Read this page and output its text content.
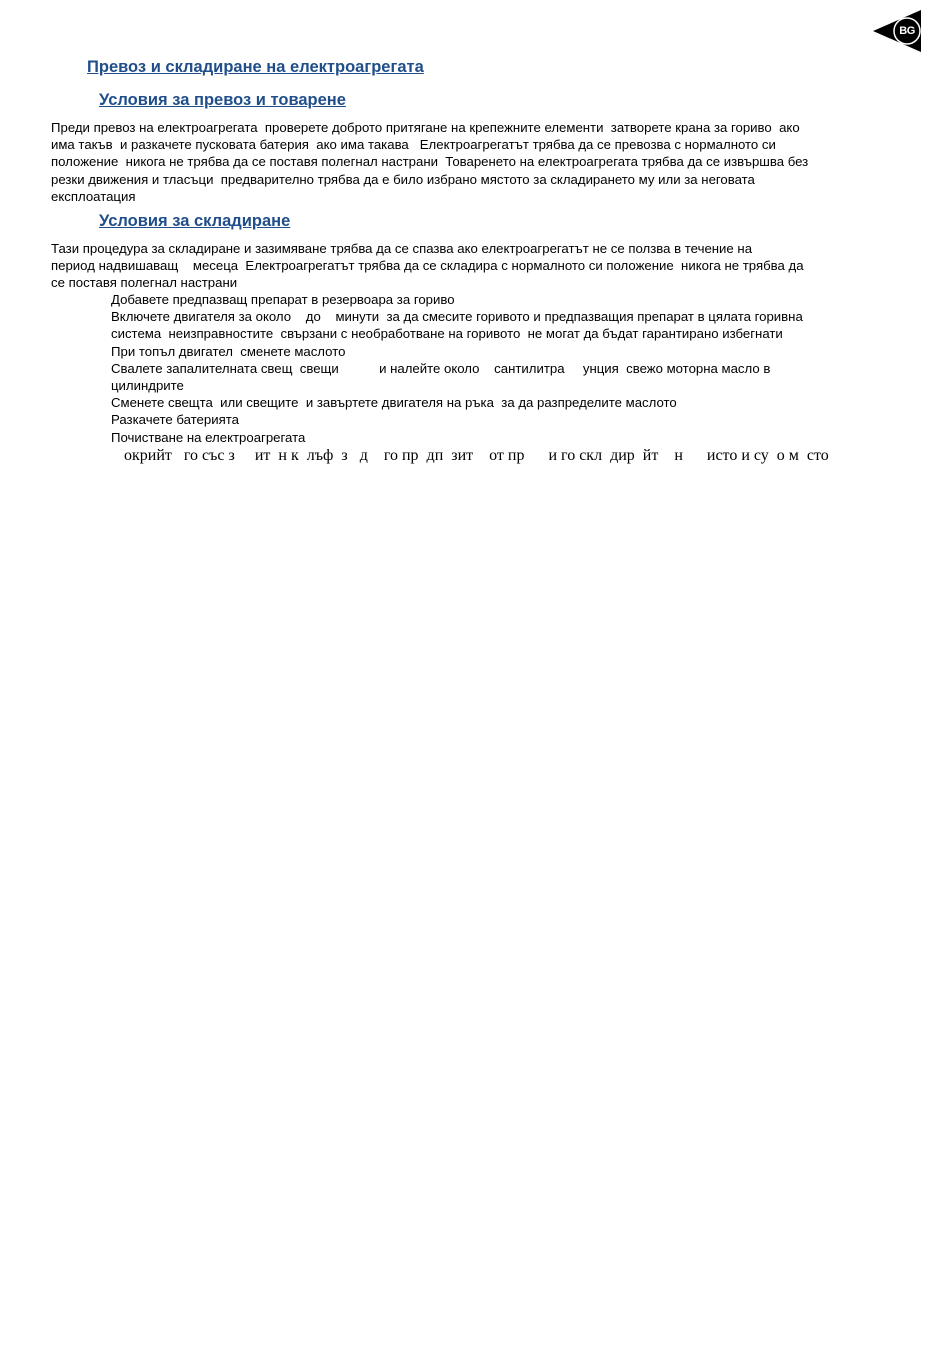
BG
Превоз и складиране на електроагрегата
Условия за превоз и товарене
Преди превоз на електроагрегата  проверете доброто притягане на крепежните елементи  затворете крана за гориво  ако
има такъв  и разкачете пусковата батерия  ако има такава   Електроагрегатът трябва да се превозва с нормалното си
положение  никога не трябва да се поставя полегнал настрани  Товаренето на електроагрегата трябва да се извършва без
резки движения и тласъци  предварително трябва да е било избрано мястото за складирането му или за неговата
експлоатация
Условия за складиране
Тази процедура за складиране и зазимяване трябва да се спазва ако електроагрегатът не се ползва в течение на
период надвишаващ    месеца  Електроагрегатът трябва да се складира с нормалното си положение  никога не трябва да
се поставя полегнал настрани
Добавете предпазващ препарат в резервоара за гориво
Включете двигателя за около    до    минути  за да смесите горивото и предпазващия препарат в цялата горивна
система  неизправностите  свързани с необработване на горивото  не могат да бъдат гарантирано избегнати
При топъл двигател  сменете маслото
Свалете запалителната свещ  свещи           и налейте около    сантилитра     унция  свежо моторна масло в
цилиндрите
Сменете свещта  или свещите  и завъртете двигателя на ръка  за да разпределите маслото
Разкачете батерията
Почистване на електроагрегата
окрийт   го със з     ит  н к  лъф  з   д    го пр  дп  зит    от пр      и го скл  дир  йт    н      исто и су  о м  сто
